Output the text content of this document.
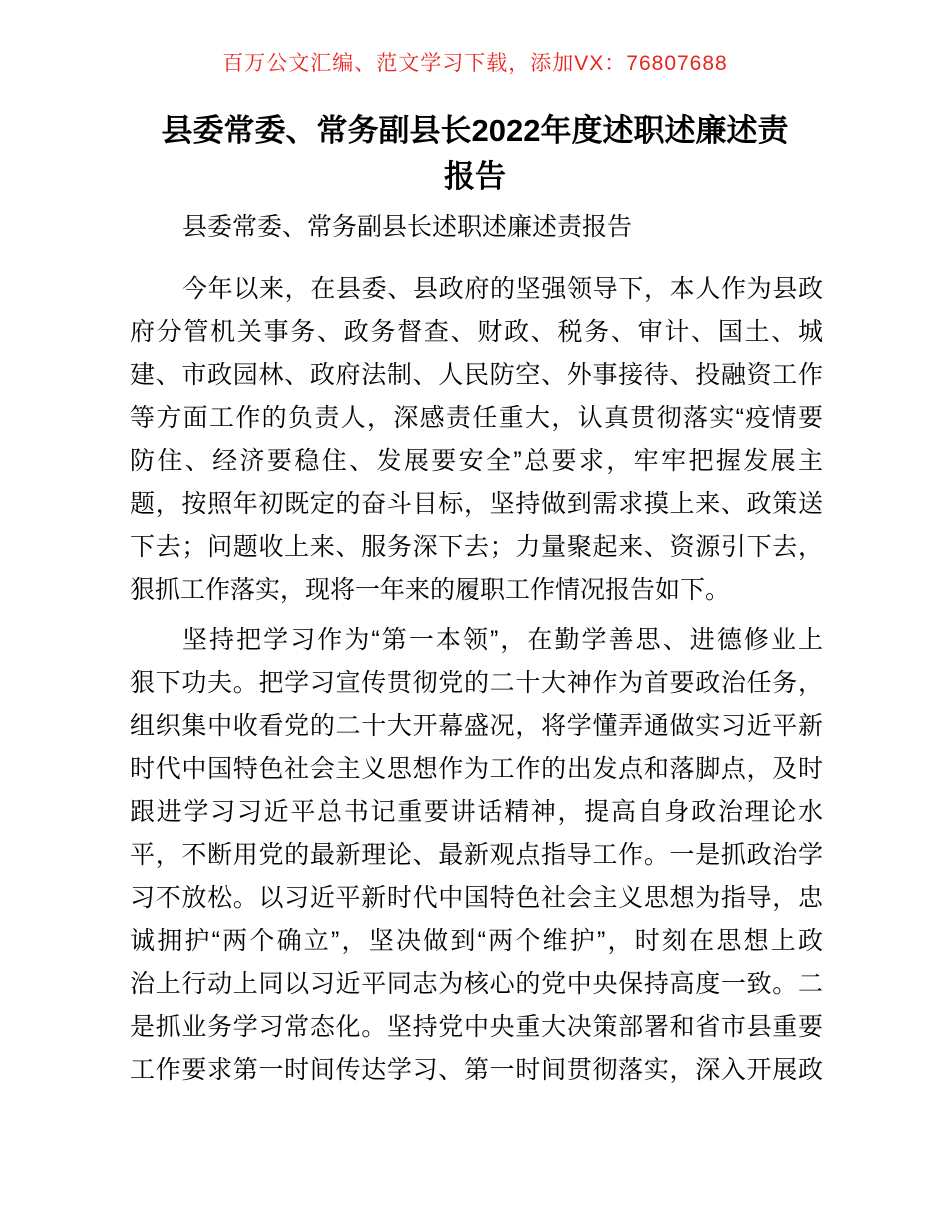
百万公文汇编、范文学习下载，添加VX：76807688
县委常委、常务副县长2022年度述职述廉述责
报告
县委常委、常务副县长述职述廉述责报告
今年以来，在县委、县政府的坚强领导下，本人作为县政
府分管机关事务、政务督查、财政、税务、审计、国土、城
建、市政园林、政府法制、人民防空、外事接待、投融资工作
等方面工作的负责人，深感责任重大，认真贯彻落实“疫情要
防住、经济要稳住、发展要安全”总要求，牢牢把握发展主
题，按照年初既定的奋斗目标，坚持做到需求摸上来、政策送
下去；问题收上来、服务深下去；力量聚起来、资源引下去，
狠抓工作落实，现将一年来的履职工作情况报告如下。
坚持把学习作为“第一本领”，在勤学善思、进德修业上
狠下功夫。把学习宣传贯彻党的二十大神作为首要政治任务，
组织集中收看党的二十大开幕盛况，将学懂弄通做实习近平新
时代中国特色社会主义思想作为工作的出发点和落脚点，及时
跟进学习习近平总书记重要讲话精神，提高自身政治理论水
平，不断用党的最新理论、最新观点指导工作。一是抓政治学
习不放松。以习近平新时代中国特色社会主义思想为指导，忠
诚拥护“两个确立”，坚决做到“两个维护”，时刻在思想上政
治上行动上同以习近平同志为核心的党中央保持高度一致。二
是抓业务学习常态化。坚持党中央重大决策部署和省市县重要
工作要求第一时间传达学习、第一时间贯彻落实，深入开展政
